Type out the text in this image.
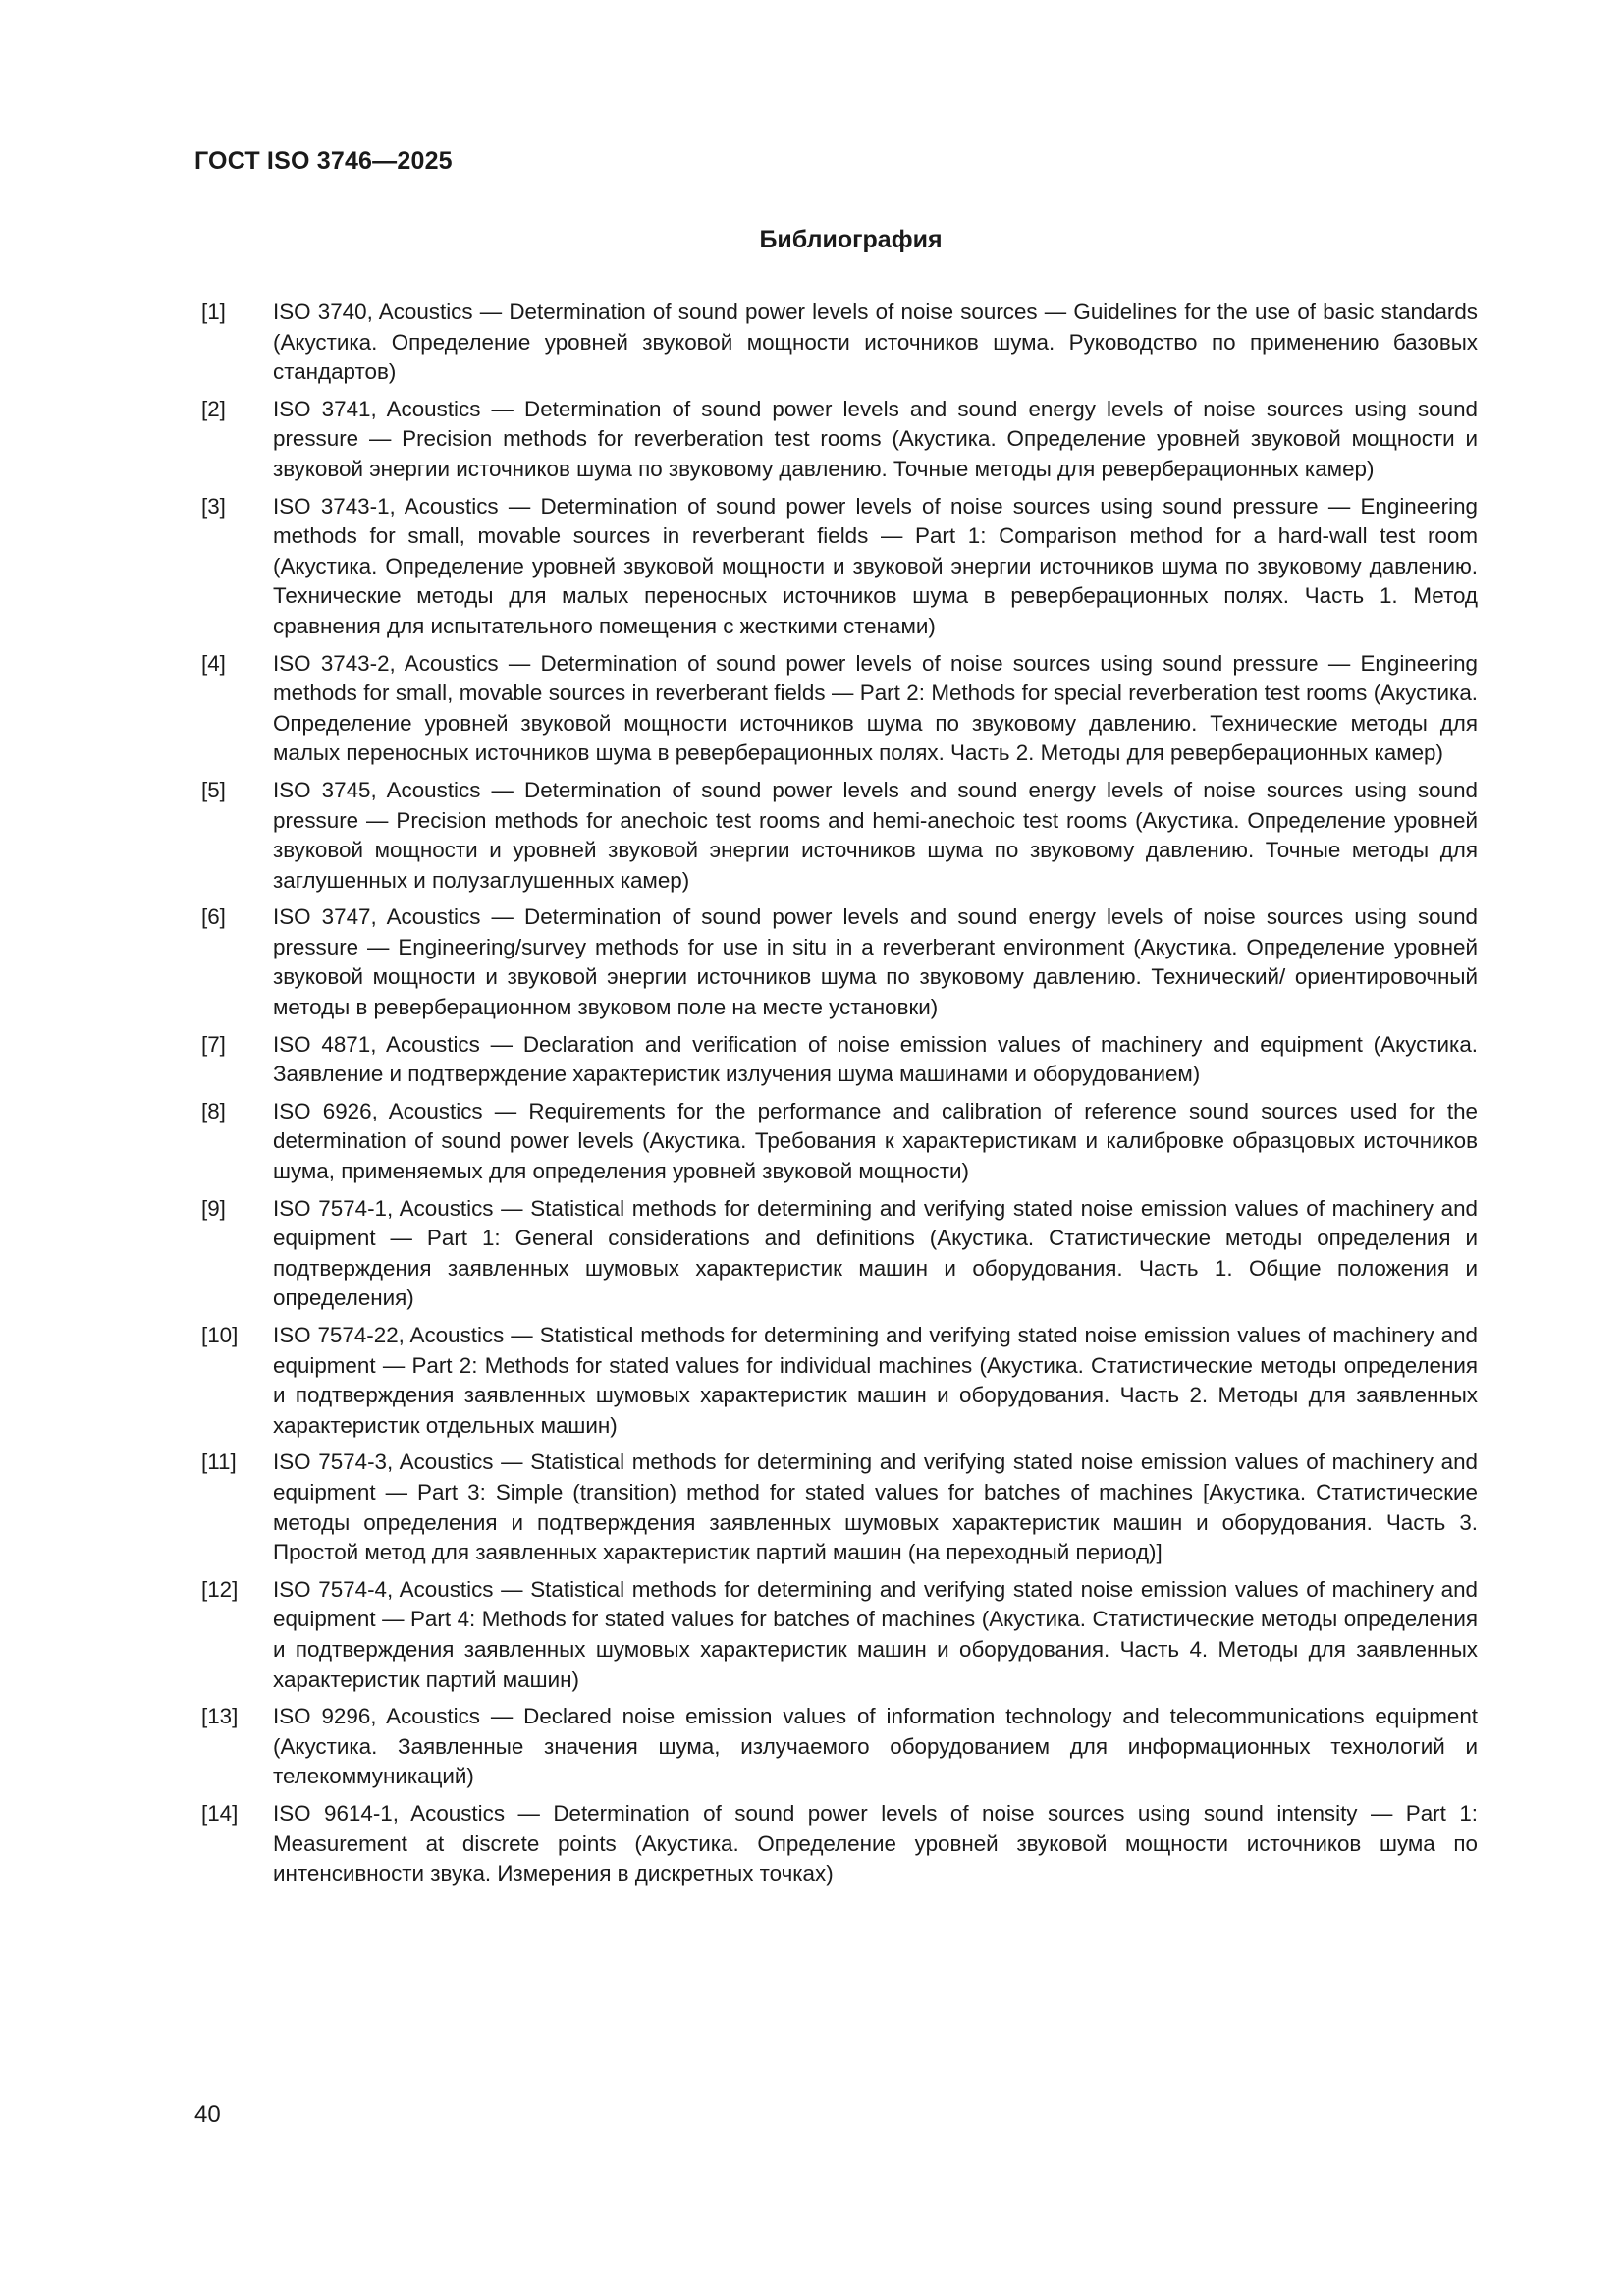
ГОСТ ISO 3746—2025
Библиография
[1]	ISO 3740, Acoustics — Determination of sound power levels of noise sources — Guidelines for the use of basic standards (Акустика. Определение уровней звуковой мощности источников шума. Руководство по применению базовых стандартов)
[2]	ISO 3741, Acoustics — Determination of sound power levels and sound energy levels of noise sources using sound pressure — Precision methods for reverberation test rooms (Акустика. Определение уровней звуковой мощности и звуковой энергии источников шума по звуковому давлению. Точные методы для реверберационных камер)
[3]	ISO 3743-1, Acoustics — Determination of sound power levels of noise sources using sound pressure — Engineering methods for small, movable sources in reverberant fields — Part 1: Comparison method for a hard-wall test room (Акустика. Определение уровней звуковой мощности и звуковой энергии источников шума по звуковому давлению. Технические методы для малых переносных источников шума в реверберационных полях. Часть 1. Метод сравнения для испытательного помещения с жесткими стенами)
[4]	ISO 3743-2, Acoustics — Determination of sound power levels of noise sources using sound pressure — Engineering methods for small, movable sources in reverberant fields — Part 2: Methods for special reverberation test rooms (Акустика. Определение уровней звуковой мощности источников шума по звуковому давлению. Технические методы для малых переносных источников шума в реверберационных полях. Часть 2. Методы для реверберационных камер)
[5]	ISO 3745, Acoustics — Determination of sound power levels and sound energy levels of noise sources using sound pressure — Precision methods for anechoic test rooms and hemi-anechoic test rooms (Акустика. Определение уровней звуковой мощности и уровней звуковой энергии источников шума по звуковому давлению. Точные методы для заглушенных и полузаглушенных камер)
[6]	ISO 3747, Acoustics — Determination of sound power levels and sound energy levels of noise sources using sound pressure — Engineering/survey methods for use in situ in a reverberant environment (Акустика. Определение уровней звуковой мощности и звуковой энергии источников шума по звуковому давлению. Технический/ ориентировочный методы в реверберационном звуковом поле на месте установки)
[7]	ISO 4871, Acoustics — Declaration and verification of noise emission values of machinery and equipment (Акустика. Заявление и подтверждение характеристик излучения шума машинами и оборудованием)
[8]	ISO 6926, Acoustics — Requirements for the performance and calibration of reference sound sources used for the determination of sound power levels (Акустика. Требования к характеристикам и калибровке образцовых источников шума, применяемых для определения уровней звуковой мощности)
[9]	ISO 7574-1, Acoustics — Statistical methods for determining and verifying stated noise emission values of machinery and equipment — Part 1: General considerations and definitions (Акустика. Статистические методы определения и подтверждения заявленных шумовых характеристик машин и оборудования. Часть 1. Общие положения и определения)
[10]	ISO 7574-22, Acoustics — Statistical methods for determining and verifying stated noise emission values of machinery and equipment — Part 2: Methods for stated values for individual machines (Акустика. Статистические методы определения и подтверждения заявленных шумовых характеристик машин и оборудования. Часть 2. Методы для заявленных характеристик отдельных машин)
[11]	ISO 7574-3, Acoustics — Statistical methods for determining and verifying stated noise emission values of machinery and equipment — Part 3: Simple (transition) method for stated values for batches of machines [Акустика. Статистические методы определения и подтверждения заявленных шумовых характеристик машин и оборудования. Часть 3. Простой метод для заявленных характеристик партий машин (на переходный период)]
[12]	ISO 7574-4, Acoustics — Statistical methods for determining and verifying stated noise emission values of machinery and equipment — Part 4: Methods for stated values for batches of machines (Акустика. Статистические методы определения и подтверждения заявленных шумовых характеристик машин и оборудования. Часть 4. Методы для заявленных характеристик партий машин)
[13]	ISO 9296, Acoustics — Declared noise emission values of information technology and telecommunications equipment (Акустика. Заявленные значения шума, излучаемого оборудованием для информационных технологий и телекоммуникаций)
[14]	ISO 9614-1, Acoustics — Determination of sound power levels of noise sources using sound intensity — Part 1: Measurement at discrete points (Акустика. Определение уровней звуковой мощности источников шума по интенсивности звука. Измерения в дискретных точках)
40
